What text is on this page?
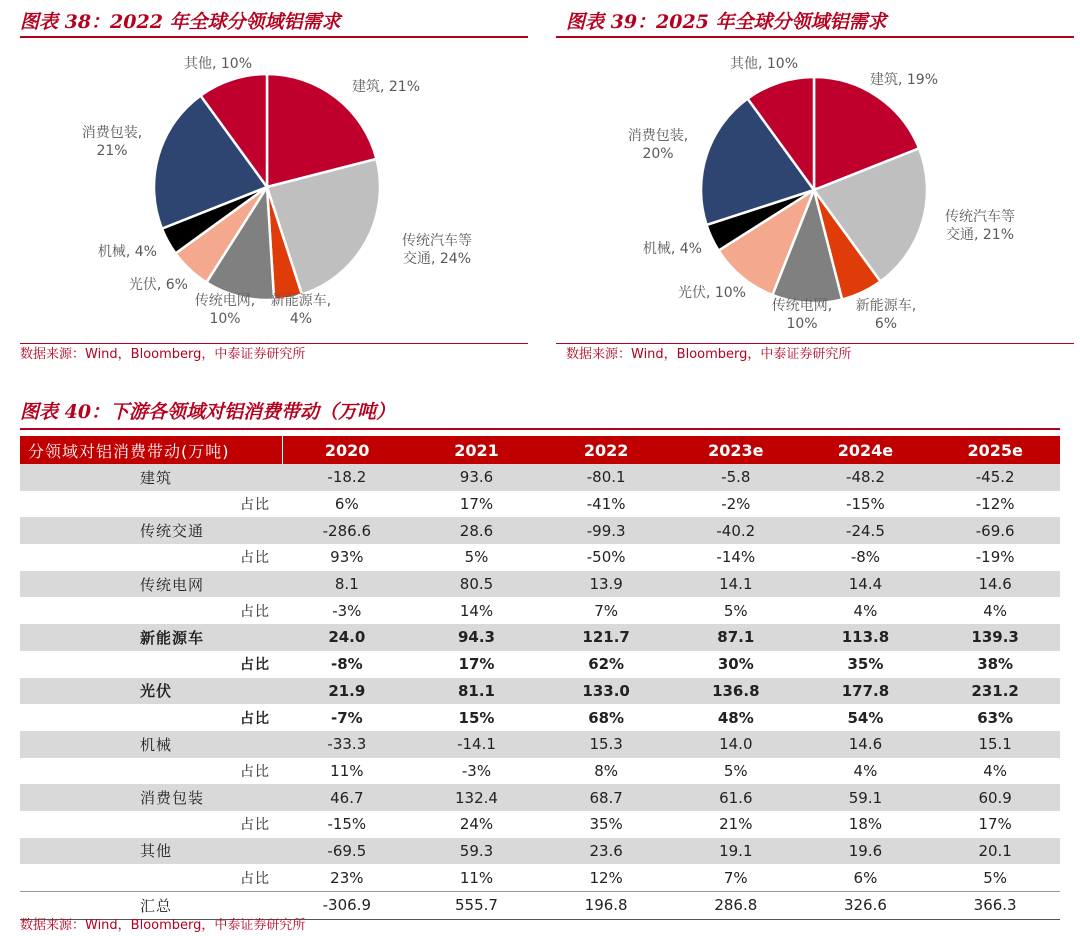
图表 38：2022 年全球分领域铝需求
建筑, 21%
传统汽车等交通, 24%
新能源车, 4%
传统电网, 10%
光伏, 6%
机械, 4%
消费包装, 21%
其他, 10%
数据来源：Wind，Bloomberg，中泰证券研究所
图表 39：2025 年全球分领域铝需求
建筑, 19%
传统汽车等交通, 21%
新能源车, 6%
传统电网, 10%
光伏, 10%
机械, 4%
消费包装, 20%
其他, 10%
数据来源：Wind，Bloomberg，中泰证券研究所
图表 40：下游各领域对铝消费带动（万吨）
分领域对铝消费带动(万吨)	2020	2021	2022	2023e	2024e	2025e
建筑	-18.2	93.6	-80.1	-5.8	-48.2	-45.2
占比	6%	17%	-41%	-2%	-15%	-12%
传统交通	-286.6	28.6	-99.3	-40.2	-24.5	-69.6
占比	93%	5%	-50%	-14%	-8%	-19%
传统电网	8.1	80.5	13.9	14.1	14.4	14.6
占比	-3%	14%	7%	5%	4%	4%
新能源车	24.0	94.3	121.7	87.1	113.8	139.3
占比	-8%	17%	62%	30%	35%	38%
光伏	21.9	81.1	133.0	136.8	177.8	231.2
占比	-7%	15%	68%	48%	54%	63%
机械	-33.3	-14.1	15.3	14.0	14.6	15.1
占比	11%	-3%	8%	5%	4%	4%
消费包装	46.7	132.4	68.7	61.6	59.1	60.9
占比	-15%	24%	35%	21%	18%	17%
其他	-69.5	59.3	23.6	19.1	19.6	20.1
占比	23%	11%	12%	7%	6%	5%
汇总	-306.9	555.7	196.8	286.8	326.6	366.3
数据来源：Wind，Bloomberg，中泰证券研究所
